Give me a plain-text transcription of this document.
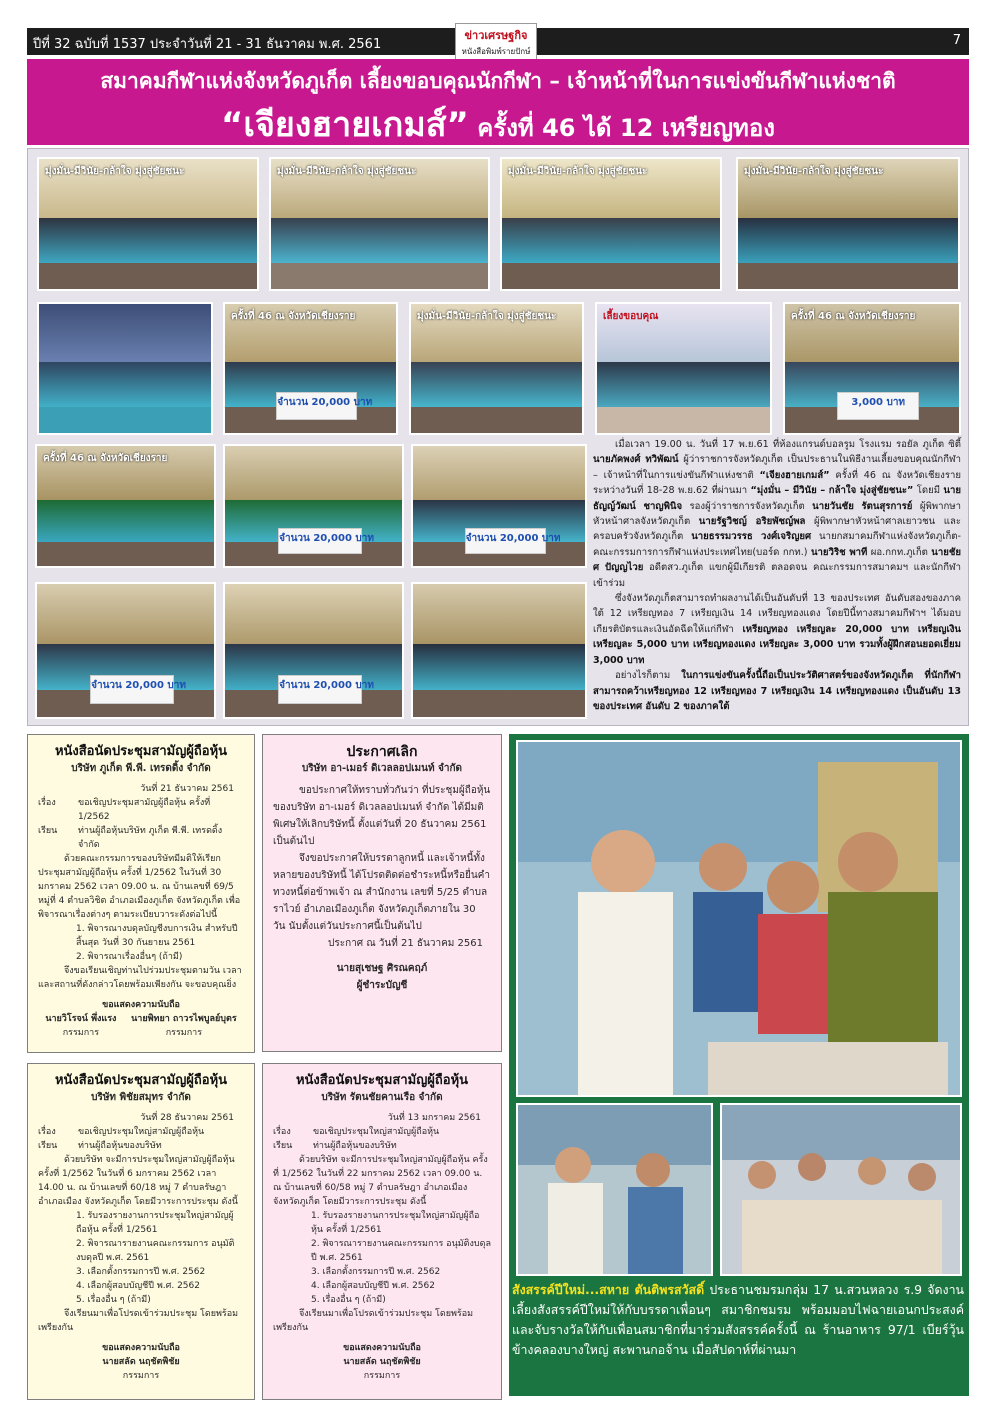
ปีที่ 32 ฉบับที่ 1537 ประจำวันที่ 21 - 31 ธันวาคม พ.ศ. 2561	7
ข่าวเศรษฐกิจ
หนังสือพิมพ์รายปักษ์
สมาคมกีฬาแห่งจังหวัดภูเก็ต เลี้ยงขอบคุณนักกีฬา – เจ้าหน้าที่ในการแข่งขันกีฬาแห่งชาติ
“เจียงฮายเกมส์” ครั้งที่ 46 ได้ 12 เหรียญทอง
มุ่งมั่น-มีวินัย-กล้าใจ มุ่งสู่ชัยชนะ	มุ่งมั่น-มีวินัย-กล้าใจ มุ่งสู่ชัยชนะ	มุ่งมั่น-มีวินัย-กล้าใจ มุ่งสู่ชัยชนะ	มุ่งมั่น-มีวินัย-กล้าใจ มุ่งสู่ชัยชนะ
ครั้งที่ 46 ณ จังหวัดเชียงราย
จำนวน 20,000 บาท
มุ่งมั่น-มีวินัย-กล้าใจ มุ่งสู่ชัยชนะ	เลี้ยงขอบคุณ	ครั้งที่ 46 ณ จังหวัดเชียงราย
3,000 บาท
ครั้งที่ 46 ณ จังหวัดเชียงราย
จำนวน 20,000 บาท	จำนวน 20,000 บาท
จำนวน 20,000 บาท	จำนวน 20,000 บาท

เมื่อเวลา 19.00 น. วันที่ 17 พ.ย.61 ที่ห้องแกรนด์บอลรูม โรงแรม รอยัล ภูเก็ต ซิตี้ นายภัคพงศ์ ทวิพัฒน์ ผู้ว่าราชการจังหวัดภูเก็ต เป็นประธานในพิธีงานเลี้ยงขอบคุณนักกีฬา – เจ้าหน้าที่ในการแข่งขันกีฬาแห่งชาติ “เจียงฮายเกมส์” ครั้งที่ 46 ณ จังหวัดเชียงราย ระหว่างวันที่ 18-28 พ.ย.62 ที่ผ่านมา “มุ่งมั่น – มีวินัย – กล้าใจ มุ่งสู่ชัยชนะ” โดยมี นายธัญญ์วัฒน์ ชาญพินิจ รองผู้ว่าราชการจังหวัดภูเก็ต นายวันชัย รัตนสุรการย์ ผู้พิพากษาหัวหน้าศาลจังหวัดภูเก็ต นายรัฐวิชญ์ อริยพัชญ์พล ผู้พิพากษาหัวหน้าศาลเยาวชน และครอบครัวจังหวัดภูเก็ต นายธรรมวรรธ วงศ์เจริญยศ นายกสมาคมกีฬาแห่งจังหวัดภูเก็ต-คณะกรรมการการกีฬาแห่งประเทศไทย(บอร์ด กกท.) นายวิริช พาที ผอ.กกท.ภูเก็ต นายชัยศ ปัญญไวย อดีตสว.ภูเก็ต แขกผู้มีเกียรติ ตลอดจน คณะกรรมการสมาคมฯ และนักกีฬา เข้าร่วม

ซึ่งจังหวัดภูเก็ตสามารถทำผลงานได้เป็นอันดับที่ 13 ของประเทศ อันดับสองของภาคใต้ 12 เหรียญทอง 7 เหรียญเงิน 14 เหรียญทองแดง โดยปีนี้ทางสมาคมกีฬาฯ ได้มอบเกียรติบัตรและเงินอัดฉีดให้แก่กีฬา เหรียญทอง เหรียญละ 20,000 บาท เหรียญเงิน เหรียญละ 5,000 บาท เหรียญทองแดง เหรียญละ 3,000 บาท รวมทั้งผู้ฝึกสอนยอดเยี่ยม 3,000 บาท

อย่างไรก็ตาม ในการแข่งขันครั้งนี้ถือเป็นประวัติศาสตร์ของจังหวัดภูเก็ต ที่นักกีฬาสามารถคว้าเหรียญทอง 12 เหรียญทอง 7 เหรียญเงิน 14 เหรียญทองแดง เป็นอันดับ 13 ของประเทศ อันดับ 2 ของภาคใต้

หนังสือนัดประชุมสามัญผู้ถือหุ้น
บริษัท ภูเก็ต พี.พี. เทรดดิ้ง จำกัด
วันที่ 21 ธันวาคม 2561
เรื่อง	ขอเชิญประชุมสามัญผู้ถือหุ้น ครั้งที่ 1/2562
เรียน	ท่านผู้ถือหุ้นบริษัท ภูเก็ต พี.พี. เทรดดิ้ง จำกัด
ด้วยคณะกรรมการของบริษัทมีมติให้เรียกประชุมสามัญผู้ถือหุ้น ครั้งที่ 1/2562 ในวันที่ 30 มกราคม 2562 เวลา 09.00 น. ณ บ้านเลขที่ 69/5 หมู่ที่ 4 ตำบลวิชิต อำเภอเมืองภูเก็ต จังหวัดภูเก็ต เพื่อพิจารณาเรื่องต่างๆ ตามระเบียบวาระดังต่อไปนี้
1. พิจารณางบดุลบัญชีงบการเงิน สำหรับปีสิ้นสุด วันที่ 30 กันยายน 2561
2. พิจารณาเรื่องอื่นๆ (ถ้ามี)
จึงขอเรียนเชิญท่านไปร่วมประชุมตามวัน เวลา และสถานที่ดังกล่าวโดยพร้อมเพียงกัน จะขอบคุณยิ่ง
ขอแสดงความนับถือ
นายวิโรจน์ พึ่งแรง
กรรมการ
นายพิทยา ถาวรไพบูลย์บุตร
กรรมการ
ประกาศเลิก
บริษัท อา-เมอร์ ดิเวลลอปเมนท์ จำกัด
ขอประกาศให้ทราบทั่วกันว่า ที่ประชุมผู้ถือหุ้นของบริษัท อา-เมอร์ ดิเวลลอปเมนท์ จำกัด ได้มีมติพิเศษให้เลิกบริษัทนี้ ตั้งแต่วันที่ 20 ธันวาคม 2561 เป็นต้นไป
จึงขอประกาศให้บรรดาลูกหนี้ และเจ้าหนี้ทั้งหลายของบริษัทนี้ ได้โปรดติดต่อชำระหนี้หรือยื่นคำทวงหนี้ต่อข้าพเจ้า ณ สำนักงาน เลขที่ 5/25 ตำบลราไวย์ อำเภอเมืองภูเก็ต จังหวัดภูเก็ตภายใน 30 วัน นับตั้งแต่วันประกาศนี้เป็นต้นไป
ประกาศ ณ วันที่ 21 ธันวาคม 2561
นายสุเชษฐ ศิรณคฤภ์
ผู้ชำระบัญชี
หนังสือนัดประชุมสามัญผู้ถือหุ้น
บริษัท พิชัยสมุทร จำกัด
วันที่ 28 ธันวาคม 2561
เรื่อง	ขอเชิญประชุมใหญ่สามัญผู้ถือหุ้น
เรียน	ท่านผู้ถือหุ้นของบริษัท
ด้วยบริษัท จะมีการประชุมใหญ่สามัญผู้ถือหุ้น ครั้งที่ 1/2562 ในวันที่ 6 มกราคม 2562 เวลา 14.00 น. ณ บ้านเลขที่ 60/18 หมู่ 7 ตำบลรัษฎา อำเภอเมือง จังหวัดภูเก็ต โดยมีวาระการประชุม ดังนี้
1. รับรองรายงานการประชุมใหญ่สามัญผู้ถือหุ้น ครั้งที่ 1/2561
2. พิจารณารายงานคณะกรรมการ อนุมัติงบดุลปี พ.ศ. 2561
3. เลือกตั้งกรรมการปี พ.ศ. 2562
4. เลือกผู้สอบบัญชีปี พ.ศ. 2562
5. เรื่องอื่น ๆ (ถ้ามี)
จึงเรียนมาเพื่อโปรดเข้าร่วมประชุม โดยพร้อมเพรียงกัน
ขอแสดงความนับถือ
นายสลัด นฤชัตพิชัย
กรรมการ
หนังสือนัดประชุมสามัญผู้ถือหุ้น
บริษัท รัตนชัยคานเรือ จำกัด
วันที่ 13 มกราคม 2561
เรื่อง	ขอเชิญประชุมใหญ่สามัญผู้ถือหุ้น
เรียน	ท่านผู้ถือหุ้นของบริษัท
ด้วยบริษัท จะมีการประชุมใหญ่สามัญผู้ถือหุ้น ครั้งที่ 1/2562 ในวันที่ 22 มกราคม 2562 เวลา 09.00 น. ณ บ้านเลขที่ 60/58 หมู่ 7 ตำบลรัษฎา อำเภอเมือง จังหวัดภูเก็ต โดยมีวาระการประชุม ดังนี้
1. รับรองรายงานการประชุมใหญ่สามัญผู้ถือหุ้น ครั้งที่ 1/2561
2. พิจารณารายงานคณะกรรมการ อนุมัติงบดุลปี พ.ศ. 2561
3. เลือกตั้งกรรมการปี พ.ศ. 2562
4. เลือกผู้สอบบัญชีปี พ.ศ. 2562
5. เรื่องอื่น ๆ (ถ้ามี)
จึงเรียนมาเพื่อโปรดเข้าร่วมประชุม โดยพร้อมเพรียงกัน
ขอแสดงความนับถือ
นายสลัด นฤชัตพิชัย
กรรมการ
สังสรรค์ปีใหม่...สหาย ตันติพรสวัสดิ์ ประธานชมรมกลุ่ม 17 น.สวนหลวง ร.9 จัดงานเลี้ยงสังสรรค์ปีใหม่ให้กับบรรดาเพื่อนๆ สมาชิกชมรม พร้อมมอบไฟฉายเอนกประสงค์ และจับรางวัลให้กับเพื่อนสมาชิกที่มาร่วมสังสรรค์ครั้งนี้ ณ ร้านอาหาร 97/1 เบียร์วุ้น ข้างคลองบางใหญ่ สะพานกอจ้าน เมื่อสัปดาห์ที่ผ่านมา
